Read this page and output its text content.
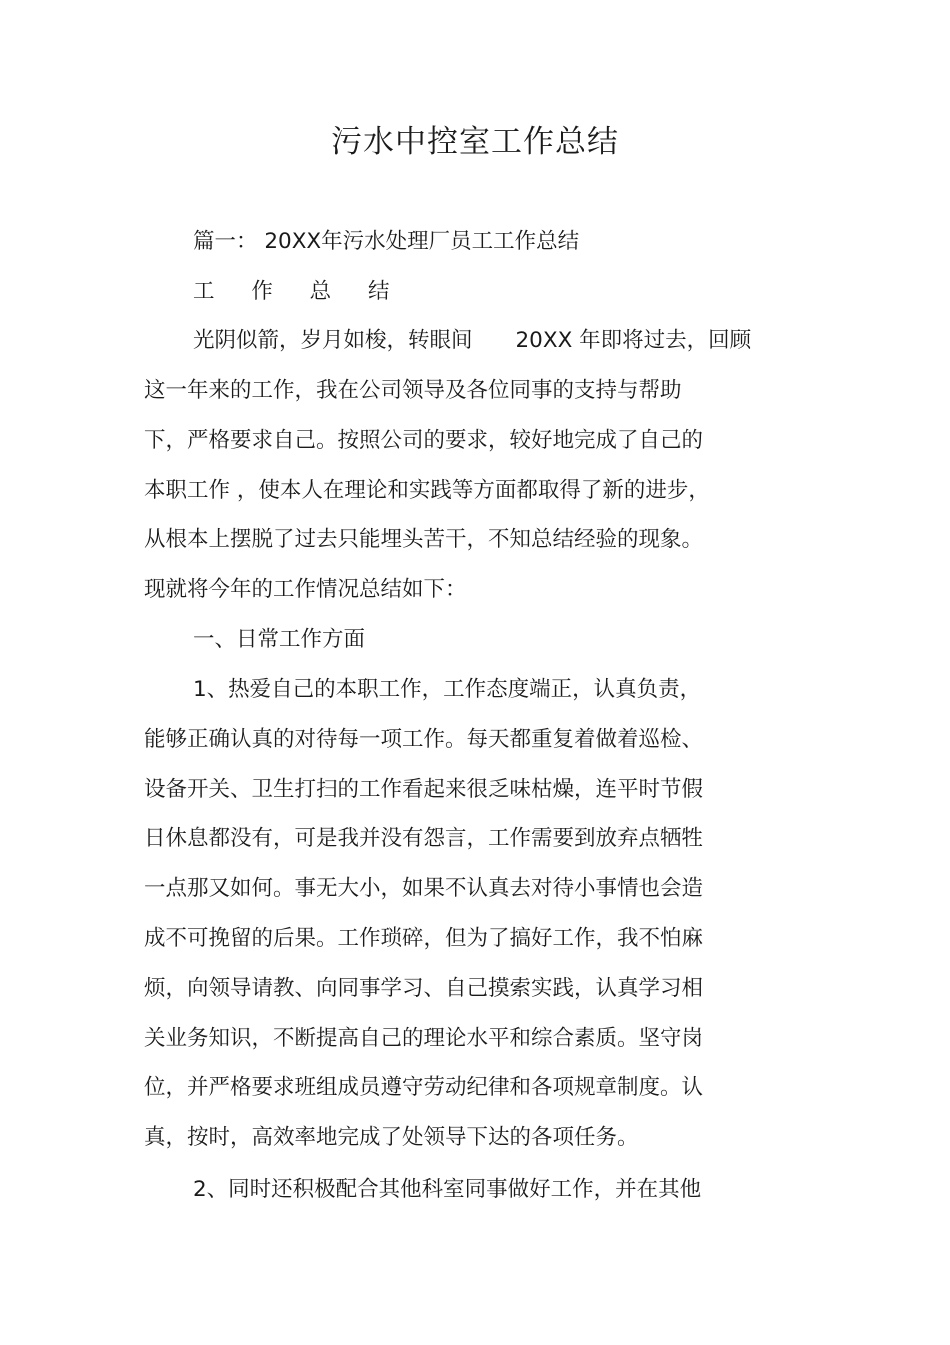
污水中控室工作总结
篇一： 20XX年污水处理厂员工工作总结
工 作 总 结
光阴似箭，岁月如梭，转眼间　　20XX 年即将过去，回顾
这一年来的工作，我在公司领导及各位同事的支持与帮助
下，严格要求自己。按照公司的要求，较好地完成了自己的
本职工作 ，使本人在理论和实践等方面都取得了新的进步，
从根本上摆脱了过去只能埋头苦干，不知总结经验的现象。
现就将今年的工作情况总结如下：
一、日常工作方面
1、热爱自己的本职工作，工作态度端正，认真负责，
能够正确认真的对待每一项工作。每天都重复着做着巡检、
设备开关、卫生打扫的工作看起来很乏味枯燥，连平时节假
日休息都没有，可是我并没有怨言，工作需要到放弃点牺牲
一点那又如何。事无大小，如果不认真去对待小事情也会造
成不可挽留的后果。工作琐碎，但为了搞好工作，我不怕麻
烦，向领导请教、向同事学习、自己摸索实践，认真学习相
关业务知识，不断提高自己的理论水平和综合素质。坚守岗
位，并严格要求班组成员遵守劳动纪律和各项规章制度。认
真，按时，高效率地完成了处领导下达的各项任务。
2、同时还积极配合其他科室同事做好工作，并在其他
